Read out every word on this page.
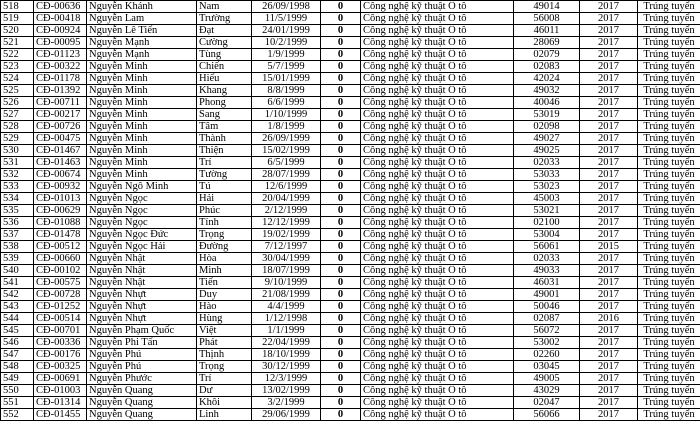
518	CĐ-00636	Nguyễn Khánh	Nam	26/09/1998	0	Công nghệ kỹ thuật Ô tô	49014	2017	Trúng tuyển
519	CĐ-00418	Nguyễn Lam	Trường	11/5/1999	0	Công nghệ kỹ thuật Ô tô	56008	2017	Trúng tuyển
520	CĐ-00924	Nguyễn Lê Tiến	Đạt	24/01/1999	0	Công nghệ kỹ thuật Ô tô	46011	2017	Trúng tuyển
521	CĐ-00095	Nguyễn Mạnh	Cường	10/2/1999	0	Công nghệ kỹ thuật Ô tô	28069	2017	Trúng tuyển
522	CĐ-01123	Nguyễn Mạnh	Tùng	1/9/1999	0	Công nghệ kỹ thuật Ô tô	02079	2017	Trúng tuyển
523	CĐ-00322	Nguyễn Minh	Chiến	5/7/1999	0	Công nghệ kỹ thuật Ô tô	02083	2017	Trúng tuyển
524	CĐ-01178	Nguyễn Minh	Hiếu	15/01/1999	0	Công nghệ kỹ thuật Ô tô	42024	2017	Trúng tuyển
525	CĐ-01392	Nguyễn Minh	Khang	8/8/1999	0	Công nghệ kỹ thuật Ô tô	49032	2017	Trúng tuyển
526	CĐ-00711	Nguyễn Minh	Phong	6/6/1999	0	Công nghệ kỹ thuật Ô tô	40046	2017	Trúng tuyển
527	CĐ-00217	Nguyễn Minh	Sang	1/10/1999	0	Công nghệ kỹ thuật Ô tô	53019	2017	Trúng tuyển
528	CĐ-00726	Nguyễn Minh	Tâm	1/8/1999	0	Công nghệ kỹ thuật Ô tô	02098	2017	Trúng tuyển
529	CĐ-00475	Nguyễn Minh	Thành	26/09/1999	0	Công nghệ kỹ thuật Ô tô	49027	2017	Trúng tuyển
530	CĐ-01467	Nguyễn Minh	Thiện	15/02/1999	0	Công nghệ kỹ thuật Ô tô	49025	2017	Trúng tuyển
531	CĐ-01463	Nguyễn Minh	Trí	6/5/1999	0	Công nghệ kỹ thuật Ô tô	02033	2017	Trúng tuyển
532	CĐ-00674	Nguyễn Minh	Tường	28/07/1999	0	Công nghệ kỹ thuật Ô tô	53033	2017	Trúng tuyển
533	CĐ-00932	Nguyễn Ngô Minh	Tú	12/6/1999	0	Công nghệ kỹ thuật Ô tô	53023	2017	Trúng tuyển
534	CĐ-01013	Nguyễn Ngọc	Hải	20/04/1999	0	Công nghệ kỹ thuật Ô tô	45003	2017	Trúng tuyển
535	CĐ-00629	Nguyễn Ngọc	Phúc	2/12/1999	0	Công nghệ kỹ thuật Ô tô	53021	2017	Trúng tuyển
536	CĐ-01088	Nguyễn Ngọc	Tính	12/12/1999	0	Công nghệ kỹ thuật Ô tô	02100	2017	Trúng tuyển
537	CĐ-01478	Nguyễn Ngọc Đức	Trọng	19/02/1999	0	Công nghệ kỹ thuật Ô tô	53004	2017	Trúng tuyển
538	CĐ-00512	Nguyễn Ngọc Hải	Đường	7/12/1997	0	Công nghệ kỹ thuật Ô tô	56061	2015	Trúng tuyển
539	CĐ-00660	Nguyễn Nhật	Hòa	30/04/1999	0	Công nghệ kỹ thuật Ô tô	02033	2017	Trúng tuyển
540	CĐ-00102	Nguyễn Nhật	Minh	18/07/1999	0	Công nghệ kỹ thuật Ô tô	49033	2017	Trúng tuyển
541	CĐ-00575	Nguyễn Nhật	Tiến	9/10/1999	0	Công nghệ kỹ thuật Ô tô	46031	2017	Trúng tuyển
542	CĐ-00728	Nguyễn Nhựt	Duy	21/08/1999	0	Công nghệ kỹ thuật Ô tô	49001	2017	Trúng tuyển
543	CĐ-01252	Nguyễn Nhựt	Hào	4/4/1999	0	Công nghệ kỹ thuật Ô tô	50046	2017	Trúng tuyển
544	CĐ-00514	Nguyễn Nhựt	Hùng	1/12/1998	0	Công nghệ kỹ thuật Ô tô	02087	2016	Trúng tuyển
545	CĐ-00701	Nguyễn Phạm Quốc	Việt	1/1/1999	0	Công nghệ kỹ thuật Ô tô	56072	2017	Trúng tuyển
546	CĐ-00336	Nguyễn Phi Tấn	Phát	22/04/1999	0	Công nghệ kỹ thuật Ô tô	53002	2017	Trúng tuyển
547	CĐ-00176	Nguyễn Phú	Thịnh	18/10/1999	0	Công nghệ kỹ thuật Ô tô	02260	2017	Trúng tuyển
548	CĐ-00325	Nguyễn Phú	Trọng	30/12/1999	0	Công nghệ kỹ thuật Ô tô	03045	2017	Trúng tuyển
549	CĐ-00691	Nguyễn Phước	Trí	12/3/1999	0	Công nghệ kỹ thuật Ô tô	49005	2017	Trúng tuyển
550	CĐ-01003	Nguyễn Quang	Dư	13/02/1999	0	Công nghệ kỹ thuật Ô tô	43029	2017	Trúng tuyển
551	CĐ-01314	Nguyễn Quang	Khôi	3/2/1999	0	Công nghệ kỹ thuật Ô tô	02047	2017	Trúng tuyển
552	CĐ-01455	Nguyễn Quang	Linh	29/06/1999	0	Công nghệ kỹ thuật Ô tô	56066	2017	Trúng tuyển
